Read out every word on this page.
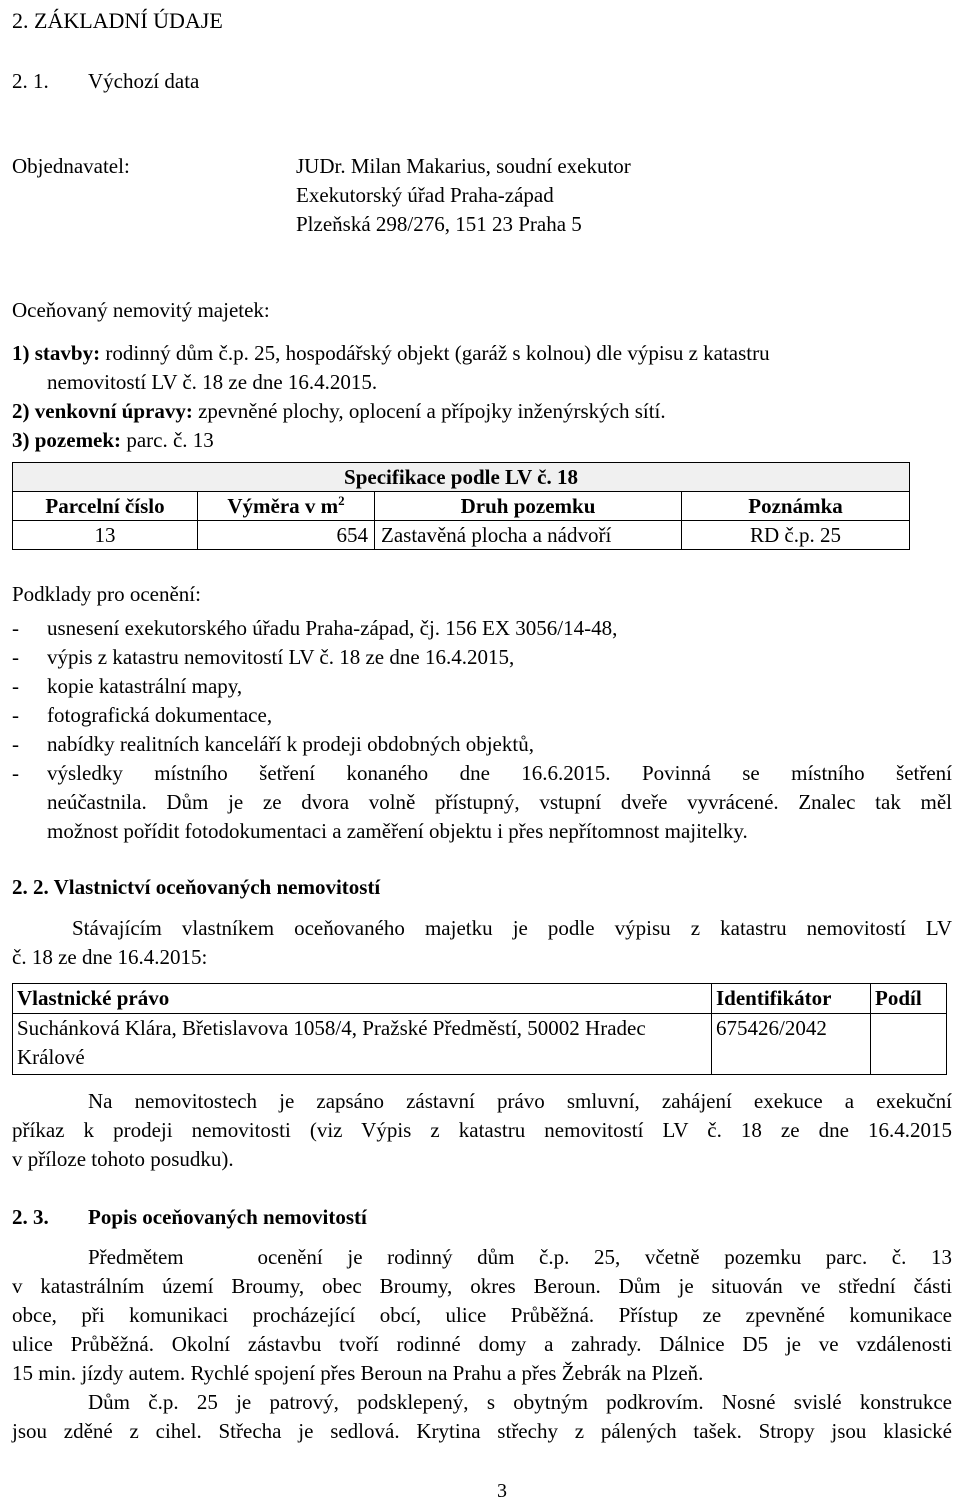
2. ZÁKLADNÍ ÚDAJE
2. 1. Výchozí data
Objednavatel:	JUDr. Milan Makarius, soudní exekutor
Exekutorský úřad Praha-západ
Plzeňská 298/276, 151 23 Praha 5
Oceňovaný nemovitý majetek:
1) stavby: rodinný dům č.p. 25, hospodářský objekt (garáž s kolnou) dle výpisu z katastru
nemovitostí LV č. 18 ze dne 16.4.2015.
2) venkovní úpravy: zpevněné plochy, oplocení a přípojky inženýrských sítí.
3) pozemek: parc. č. 13
Specifikace podle LV č. 18			
Parcelní číslo	Výměra v $m^2$	Druh pozemku	Poznámka
13	654	Zastavěná plocha a nádvoří	RD č.p. 25
Podklady pro ocenění:
- usnesení exekutorského úřadu Praha-západ, čj. 156 EX 3056/14-48,
- výpis z katastru nemovitostí LV č. 18 ze dne 16.4.2015,
- kopie katastrální mapy,
- fotografická dokumentace,
- nabídky realitních kanceláří k prodeji obdobných objektů,
- výsledky místního šetření konaného dne 16.6.2015. Povinná se místního šetření
neúčastnila. Dům je ze dvora volně přístupný, vstupní dveře vyvrácené. Znalec tak měl
možnost pořídit fotodokumentaci a zaměření objektu i přes nepřítomnost majitelky.
2. 2. Vlastnictví oceňovaných nemovitostí
Stávajícím vlastníkem oceňovaného majetku je podle výpisu z katastru nemovitostí LV
č. 18 ze dne 16.4.2015:
Vlastnické právo	Identifikátor	Podíl
Suchánková Klára, Břetislavova 1058/4, Pražské Předměstí, 50002 Hradec Králové	675426/2042	
Na nemovitostech je zapsáno zástavní právo smluvní, zahájení exekuce a exekuční
příkaz k prodeji nemovitosti (viz Výpis z katastru nemovitostí LV č. 18 ze dne 16.4.2015
v příloze tohoto posudku).
2. 3. Popis oceňovaných nemovitostí
Předmětem   ocenění je rodinný dům č.p. 25, včetně pozemku parc. č. 13
v katastrálním území Broumy, obec Broumy, okres Beroun. Dům je situován ve střední části
obce, při komunikaci procházející obcí, ulice Průběžná. Přístup ze zpevněné komunikace
ulice Průběžná. Okolní zástavbu tvoří rodinné domy a zahrady. Dálnice D5 je ve vzdálenosti
15 min. jízdy autem. Rychlé spojení přes Beroun na Prahu a přes Žebrák na Plzeň.
Dům č.p. 25 je patrový, podsklepený, s obytným podkrovím. Nosné svislé konstrukce
jsou zděné z cihel. Střecha je sedlová. Krytina střechy z pálených tašek. Stropy jsou klasické
3
